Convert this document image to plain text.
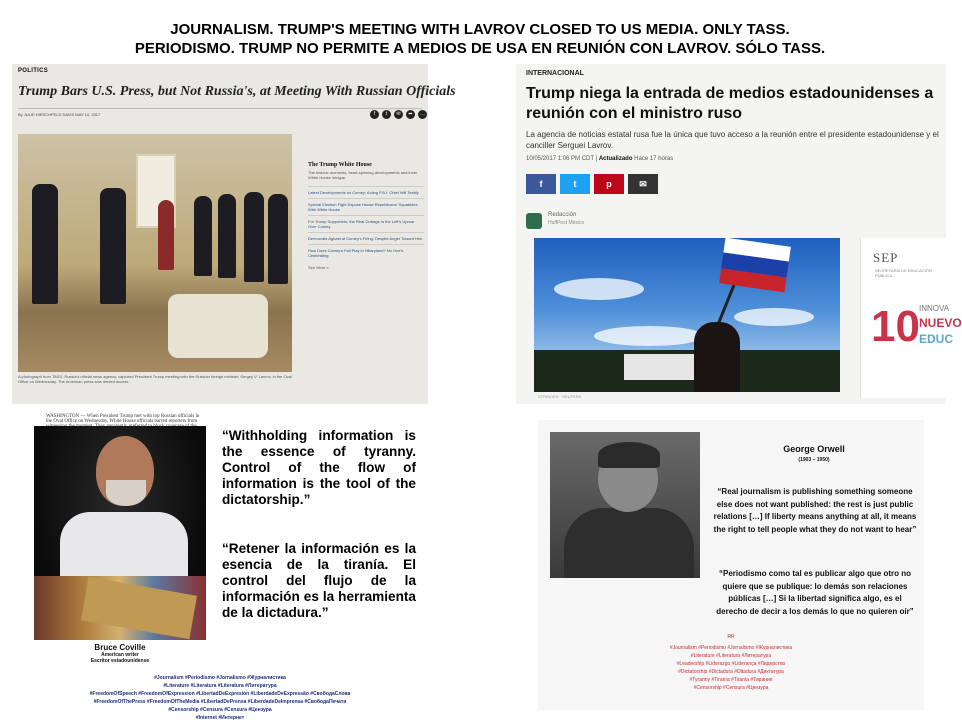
JOURNALISM. TRUMP'S MEETING WITH LAVROV CLOSED TO US MEDIA. ONLY TASS.
PERIODISMO. TRUMP NO PERMITE A MEDIOS DE USA EN REUNIÓN CON LAVROV. SÓLO TASS.
POLITICS
Trump Bars U.S. Press, but Not Russia's, at Meeting With Russian Officials
By JULIE HIRSCHFELD DAVIS MAY 10, 2017	f	t	✉	➦	…
A photograph from TASS, Russia's official news agency, captured President Trump meeting with the Russian foreign minister, Sergey V. Lavrov, in the Oval Office on Wednesday. The American press was denied access.
WASHINGTON — When President Trump met with top Russian officials in
the Oval Office on Wednesday, White House officials barred reporters from
The Trump White House
The historic moments, head-spinning developments and inner White House intrigue.
Latest Developments on Comey: Acting F.B.I. Chief Will Testify
Special Election Fight Expose House Republicans' Squabbles With White House
For Trump Supporters, the Real Outrage Is the Left's Uproar Over Comey
Democrats Aghast at Comey's Firing, Despite Anger Toward Him
How Does Comey's Fall Play in Hillaryland? No One's Celebrating
See More »
INTERNACIONAL
Trump niega la entrada de medios estadounidenses a reunión con el ministro ruso
La agencia de noticias estatal rusa fue la única que tuvo acceso a la reunión entre el presidente estadounidense y el canciller Serguei Lavrov.
10/05/2017 1:06 PM CDT | Actualizado Hace 17 horas
f	t	p	✉
Redacción
HuffPost México
STRINGER · REUTERS
SEP
SECRETARÍA DE EDUCACIÓN PÚBLICA
10 INNOVA
NUEVO
EDUC
Bruce Coville
American writer
Escritor estadounidense
“Withholding information is the essence of tyranny. Control of the flow of information is the tool of the dictatorship.”
“Retener la información es la esencia de la tiranía. El control del flujo de la información es la herramienta de la dictadura.”
#Journalism #Periodismo #Jornalismo #Журналистика
#Literature #Literatura #Literatura #Литература
#FreedomOfSpeech #FreedomOfExpression #LibertadDeExpresión #LiberdadeDeExpressão #СвободаСлова
#FreedomOfThePress #FreedomOfTheMedia #LibertadDePrensa #LiberdadeDeImprensa #СвободаПечати
#Censorship #Censura #Censura #Цензура
#Internet #Интернет
George Orwell
(1903 – 1950)
“Real journalism is publishing something someone else does not want published: the rest is just public relations […] If liberty means anything at all, it means the right to tell people what they do not want to hear”
“Periodismo como tal es publicar algo que otro no quiere que se publique: lo demás son relaciones públicas […] Si la libertad significa algo, es el derecho de decir a los demás lo que no quieren oír”
RR
#Journalism #Periodismo #Jornalismo #Журналистика
#Literature #Literatura #Литература
#Leadership #Liderazgo #Liderança #Лидерство
#Dictatorship #Dictadura #Ditadura #Диктатура
#Tyranny #Tiranía #Tirania #Тирания
#Censorship #Censura #Цензура
